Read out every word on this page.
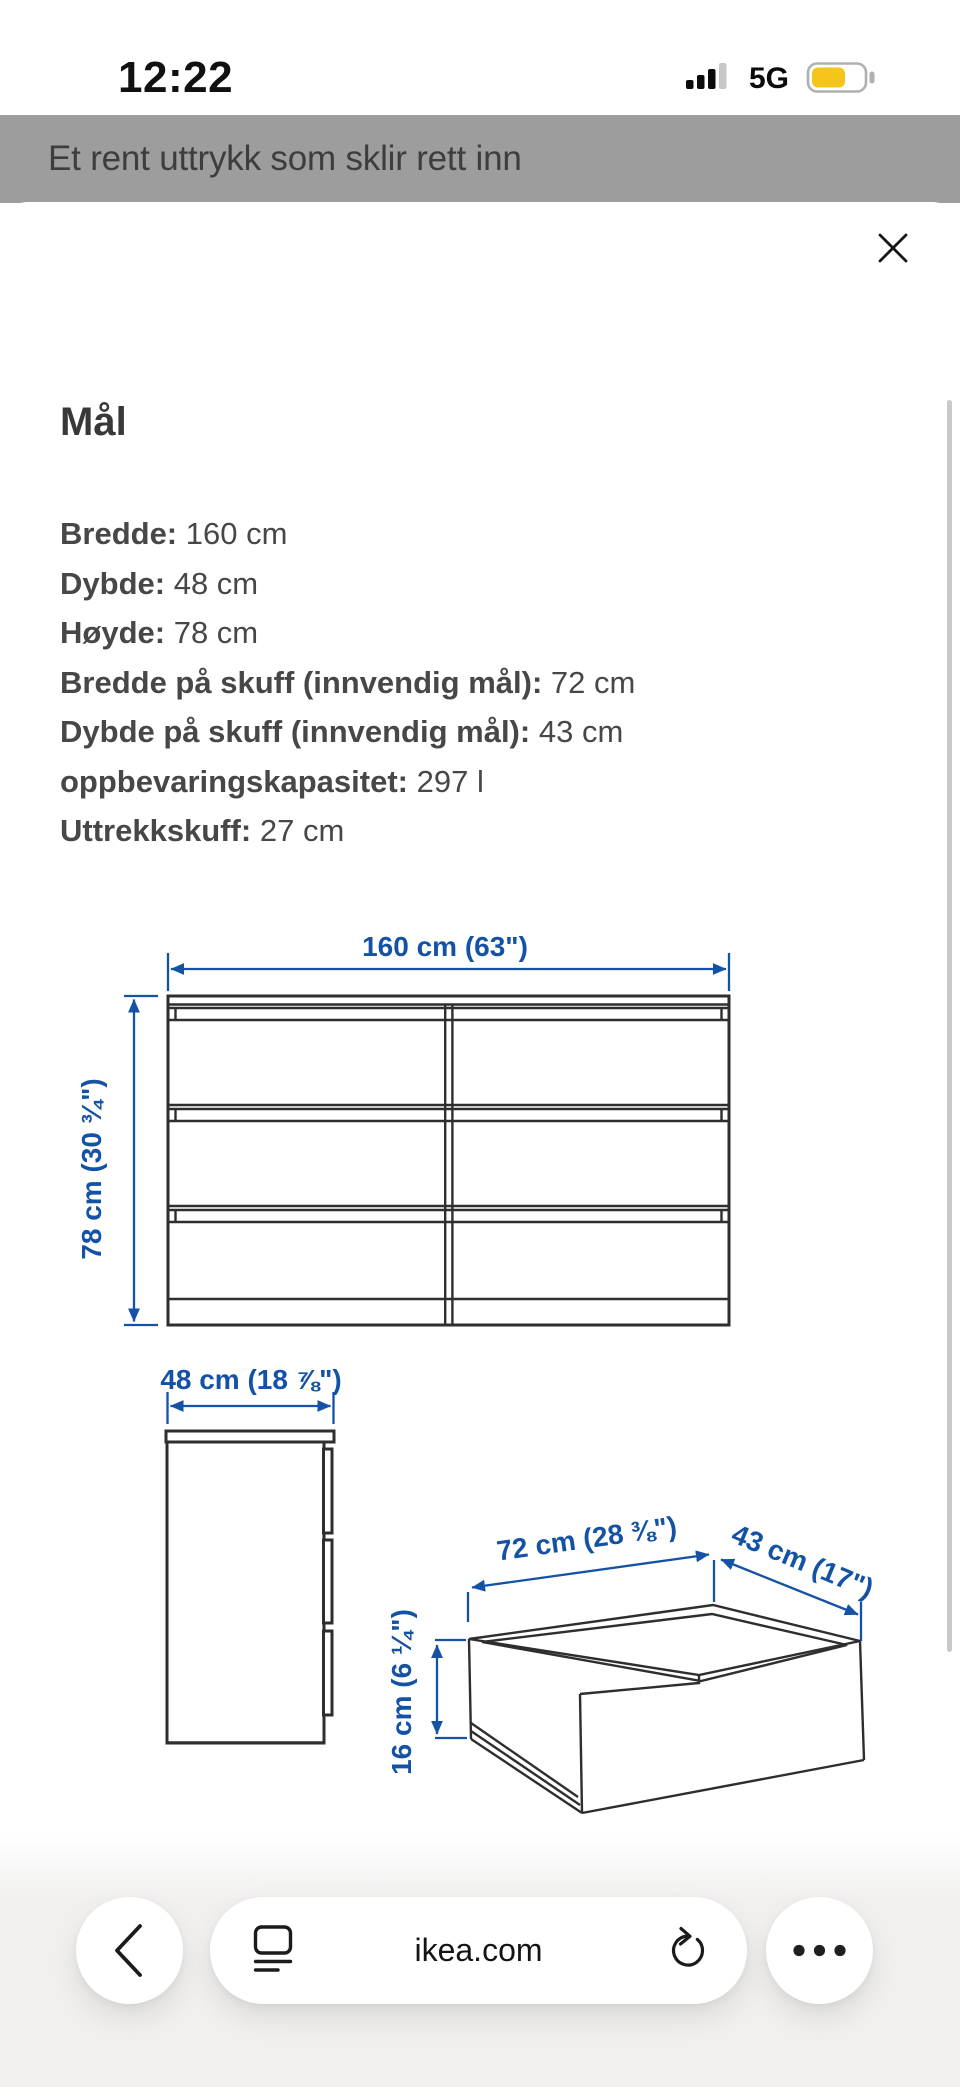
12:22	5G
Et rent uttrykk som sklir rett inn
Mål
Bredde: 160 cm
Dybde: 48 cm
Høyde: 78 cm
Bredde på skuff (innvendig mål): 72 cm
Dybde på skuff (innvendig mål): 43 cm
oppbevaringskapasitet: 297 l
Uttrekkskuff: 27 cm
160 cm (63")
78 cm (30 ¾")
48 cm (18 ⅞")
72 cm (28 ⅜") 43 cm (17")
16 cm (6 ¼")
ikea.com
